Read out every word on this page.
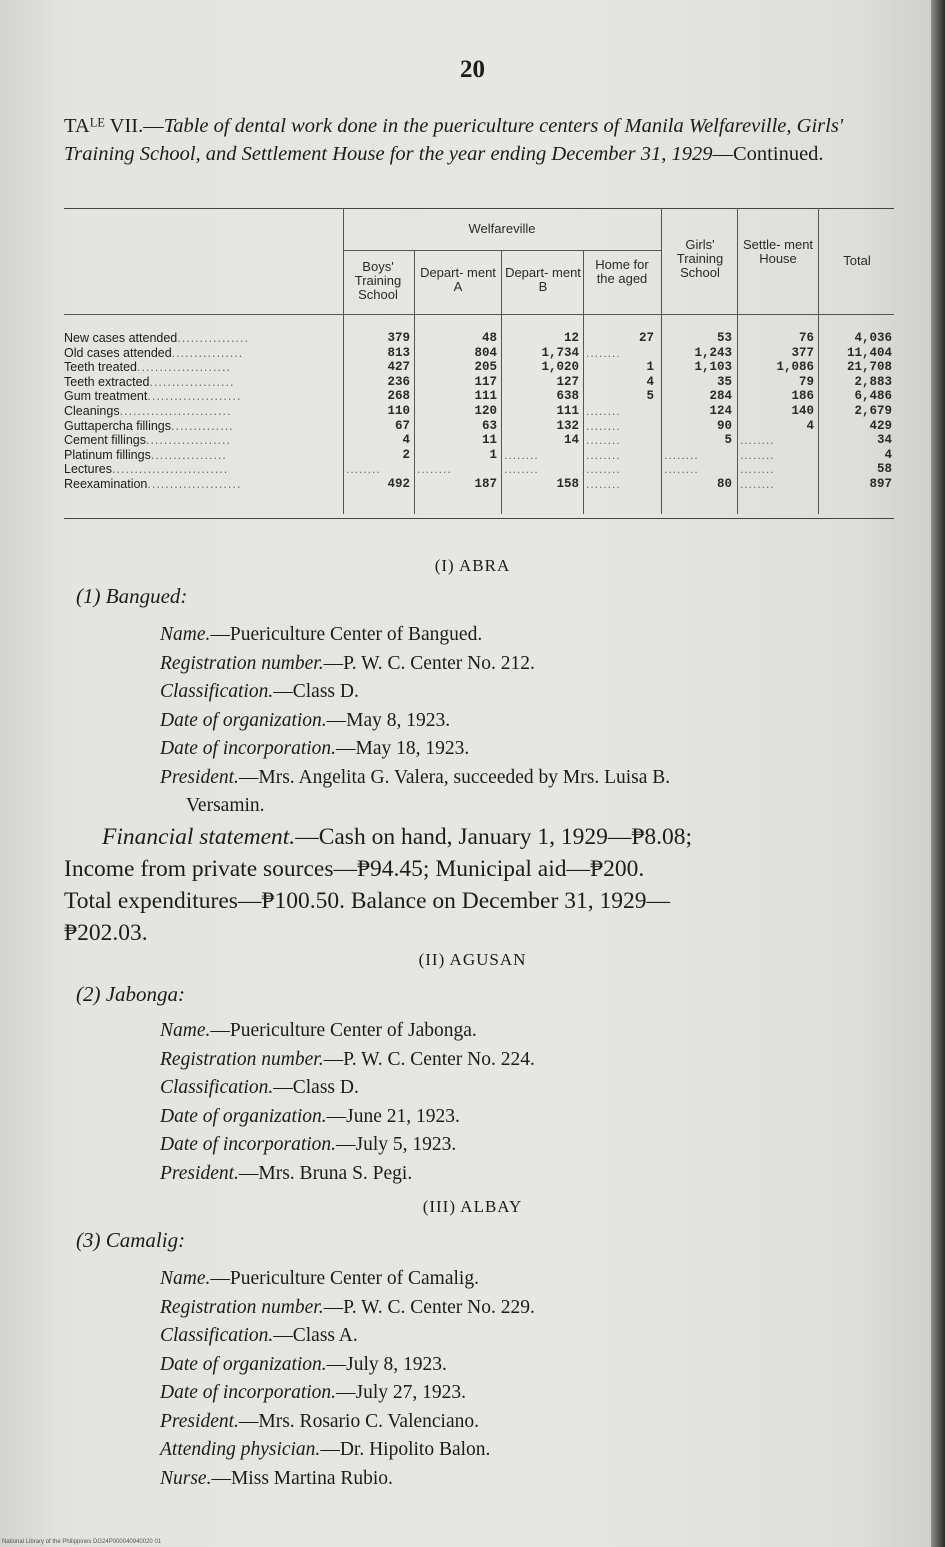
20
TAᴸᴱ VII.—Table of dental work done in the puericulture centers of Manila Welfareville, Girls' Training School, and Settlement House for the year ending December 31, 1929—Continued.
Welfareville
Boys' Training School
Depart- ment A
Depart- ment B
Home for the aged
Girls' Training School
Settle- ment House	Total
New cases attended................	379	48	12	27	53	76	4,036
Old cases attended................	813	804	1,734 ........	1,243	377	11,404
Teeth treated.....................	427	205	1,020	1	1,103	1,086	21,708
Teeth extracted...................	236	117	127	4	35	79	2,883
Gum treatment.....................	268	111	638	5	284	186	6,486
Cleanings.........................	110	120	111 ........	124	140	2,679
Guttapercha fillings..............	67	63	132 ........	90	4	429
Cement fillings...................	4	11	14 ........	5 ........	34
Platinum fillings.................	2	1 ........	........	........	........	4
Lectures..........................	........	........	........	........	........	........	58
Reexamination.....................	492	187	158 ........	80 ........	897
(I) ABRA
(1) Bangued:
Name.—Puericulture Center of Bangued.
Registration number.—P. W. C. Center No. 212.
Classification.—Class D.
Date of organization.—May 8, 1923.
Date of incorporation.—May 18, 1923.
President.—Mrs. Angelita G. Valera, succeeded by Mrs. Luisa B.
Versamin.
Financial statement.—Cash on hand, January 1, 1929—₱8.08;
Income from private sources—₱94.45; Municipal aid—₱200.
Total expenditures—₱100.50. Balance on December 31, 1929—
₱202.03.
(II) AGUSAN
(2) Jabonga:
Name.—Puericulture Center of Jabonga.
Registration number.—P. W. C. Center No. 224.
Classification.—Class D.
Date of organization.—June 21, 1923.
Date of incorporation.—July 5, 1923.
President.—Mrs. Bruna S. Pegi.
(III) ALBAY
(3) Camalig:
Name.—Puericulture Center of Camalig.
Registration number.—P. W. C. Center No. 229.
Classification.—Class A.
Date of organization.—July 8, 1923.
Date of incorporation.—July 27, 1923.
President.—Mrs. Rosario C. Valenciano.
Attending physician.—Dr. Hipolito Balon.
Nurse.—Miss Martina Rubio.
National Library of the Philippines DG24P000040940020 01
